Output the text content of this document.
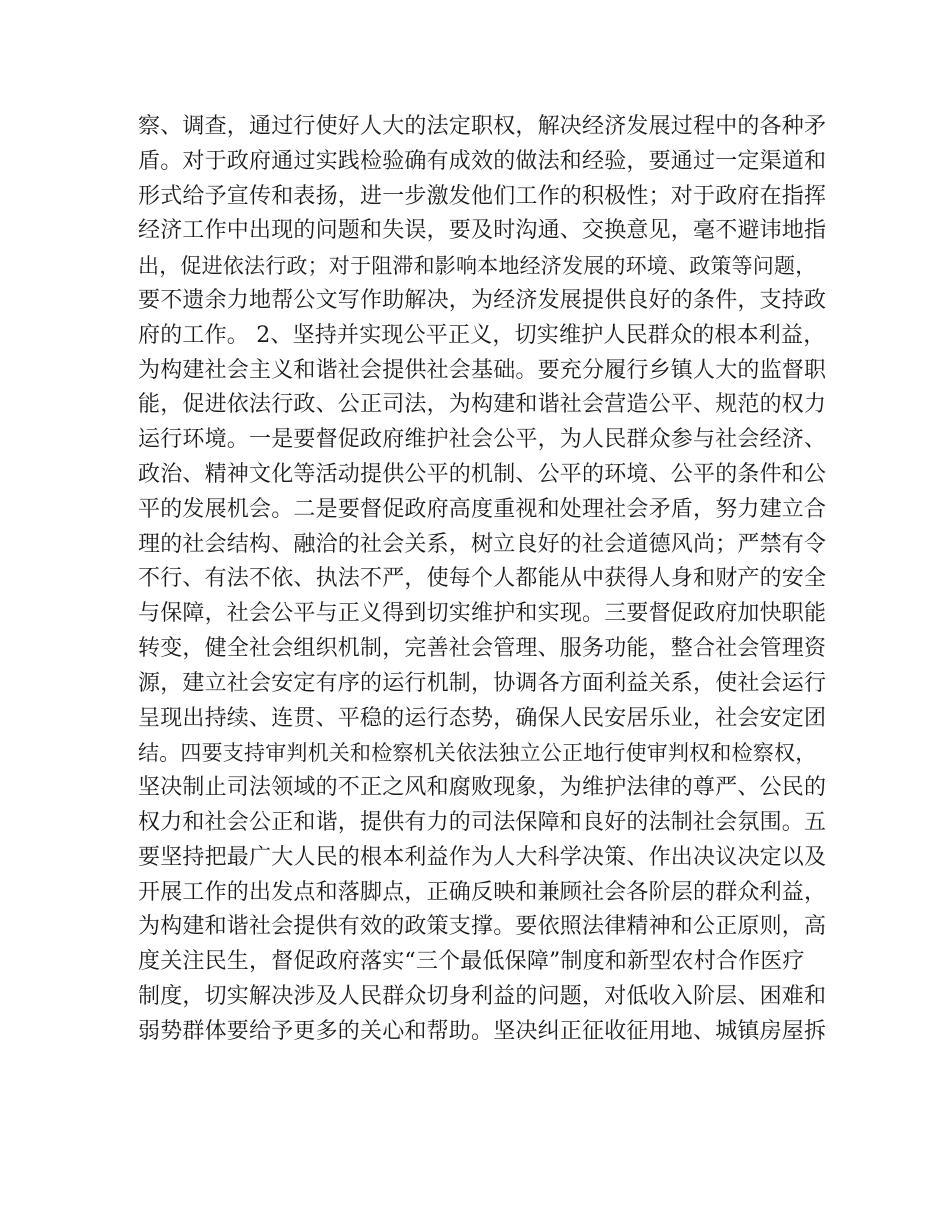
察、调查，通过行使好人大的法定职权，解决经济发展过程中的各种矛
盾。对于政府通过实践检验确有成效的做法和经验，要通过一定渠道和
形式给予宣传和表扬，进一步激发他们工作的积极性；对于政府在指挥
经济工作中出现的问题和失误，要及时沟通、交换意见，毫不避讳地指
出，促进依法行政；对于阻滞和影响本地经济发展的环境、政策等问题，
要不遗余力地帮公文写作助解决，为经济发展提供良好的条件，支持政
府的工作。 2、坚持并实现公平正义，切实维护人民群众的根本利益，
为构建社会主义和谐社会提供社会基础。要充分履行乡镇人大的监督职
能，促进依法行政、公正司法，为构建和谐社会营造公平、规范的权力
运行环境。一是要督促政府维护社会公平，为人民群众参与社会经济、
政治、精神文化等活动提供公平的机制、公平的环境、公平的条件和公
平的发展机会。二是要督促政府高度重视和处理社会矛盾，努力建立合
理的社会结构、融洽的社会关系，树立良好的社会道德风尚；严禁有令
不行、有法不依、执法不严，使每个人都能从中获得人身和财产的安全
与保障，社会公平与正义得到切实维护和实现。三要督促政府加快职能
转变，健全社会组织机制，完善社会管理、服务功能，整合社会管理资
源，建立社会安定有序的运行机制，协调各方面利益关系，使社会运行
呈现出持续、连贯、平稳的运行态势，确保人民安居乐业，社会安定团
结。四要支持审判机关和检察机关依法独立公正地行使审判权和检察权，
坚决制止司法领域的不正之风和腐败现象，为维护法律的尊严、公民的
权力和社会公正和谐，提供有力的司法保障和良好的法制社会氛围。五
要坚持把最广大人民的根本利益作为人大科学决策、作出决议决定以及
开展工作的出发点和落脚点，正确反映和兼顾社会各阶层的群众利益，
为构建和谐社会提供有效的政策支撑。要依照法律精神和公正原则，高
度关注民生，督促政府落实“三个最低保障”制度和新型农村合作医疗
制度，切实解决涉及人民群众切身利益的问题，对低收入阶层、困难和
弱势群体要给予更多的关心和帮助。坚决纠正征收征用地、城镇房屋拆
